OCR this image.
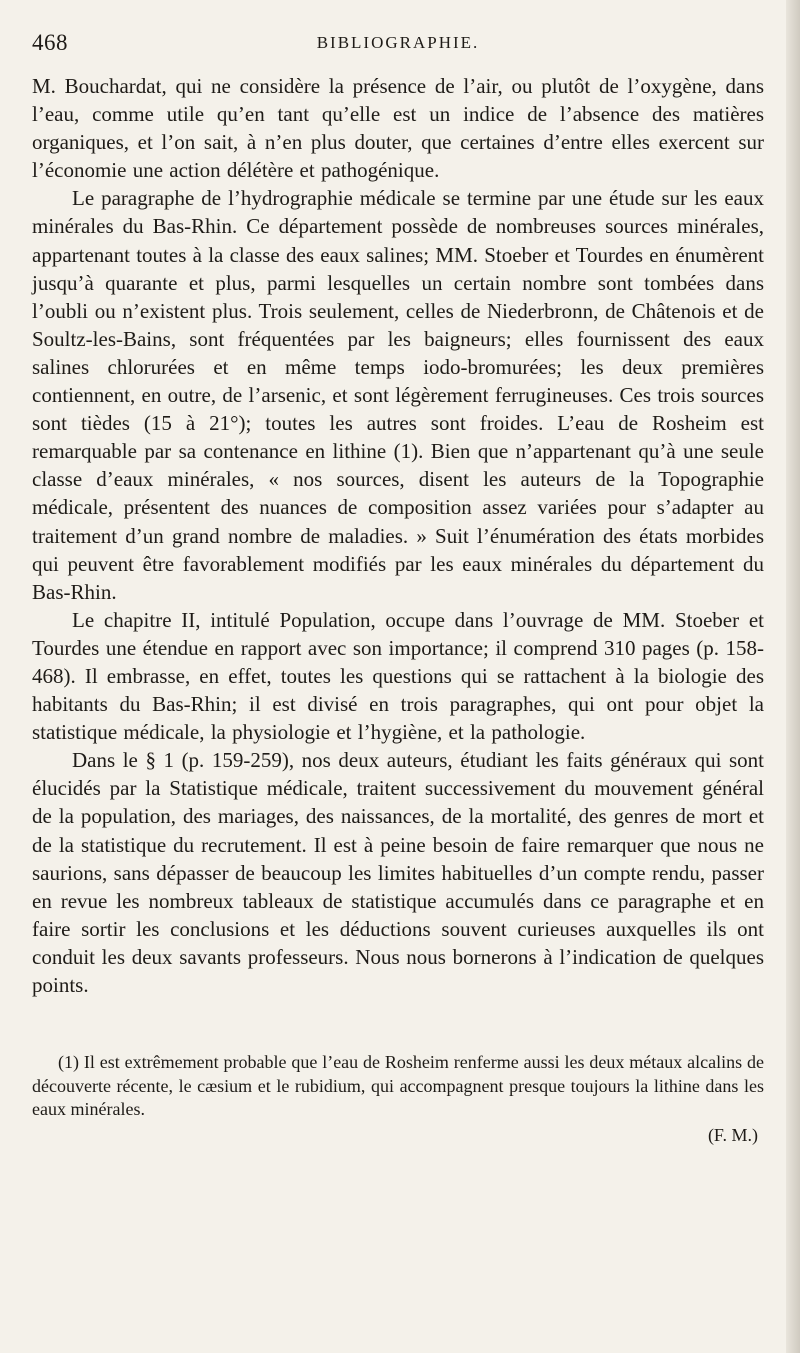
468	BIBLIOGRAPHIE.

M. Bouchardat, qui ne considère la présence de l’air, ou plutôt de l’oxygène, dans l’eau, comme utile qu’en tant qu’elle est un indice de l’absence des matières organiques, et l’on sait, à n’en plus douter, que certaines d’entre elles exercent sur l’économie une action délétère et pathogénique.

Le paragraphe de l’hydrographie médicale se termine par une étude sur les eaux minérales du Bas-Rhin. Ce département possède de nombreuses sources minérales, appartenant toutes à la classe des eaux salines; MM. Stoeber et Tourdes en énumèrent jusqu’à quarante et plus, parmi lesquelles un certain nombre sont tombées dans l’oubli ou n’existent plus. Trois seulement, celles de Niederbronn, de Châtenois et de Soultz-les-Bains, sont fréquentées par les baigneurs; elles fournissent des eaux salines chlorurées et en même temps iodo-bromurées; les deux premières contiennent, en outre, de l’arsenic, et sont légèrement ferrugineuses. Ces trois sources sont tièdes (15 à 21°); toutes les autres sont froides. L’eau de Rosheim est remarquable par sa contenance en lithine (1). Bien que n’appartenant qu’à une seule classe d’eaux minérales, « nos sources, disent les auteurs de la Topographie médicale, présentent des nuances de composition assez variées pour s’adapter au traitement d’un grand nombre de maladies. » Suit l’énumération des états morbides qui peuvent être favorablement modifiés par les eaux minérales du département du Bas-Rhin.

Le chapitre II, intitulé Population, occupe dans l’ouvrage de MM. Stoeber et Tourdes une étendue en rapport avec son importance; il comprend 310 pages (p. 158-468). Il embrasse, en effet, toutes les questions qui se rattachent à la biologie des habitants du Bas-Rhin; il est divisé en trois paragraphes, qui ont pour objet la statistique médicale, la physiologie et l’hygiène, et la pathologie.

Dans le § 1 (p. 159-259), nos deux auteurs, étudiant les faits généraux qui sont élucidés par la Statistique médicale, traitent successivement du mouvement général de la population, des mariages, des naissances, de la mortalité, des genres de mort et de la statistique du recrutement. Il est à peine besoin de faire remarquer que nous ne saurions, sans dépasser de beaucoup les limites habituelles d’un compte rendu, passer en revue les nombreux tableaux de statistique accumulés dans ce paragraphe et en faire sortir les conclusions et les déductions souvent curieuses auxquelles ils ont conduit les deux savants professeurs. Nous nous bornerons à l’indication de quelques points.

(1) Il est extrêmement probable que l’eau de Rosheim renferme aussi les deux métaux alcalins de découverte récente, le cæsium et le rubidium, qui accompagnent presque toujours la lithine dans les eaux minérales.

(F. M.)
